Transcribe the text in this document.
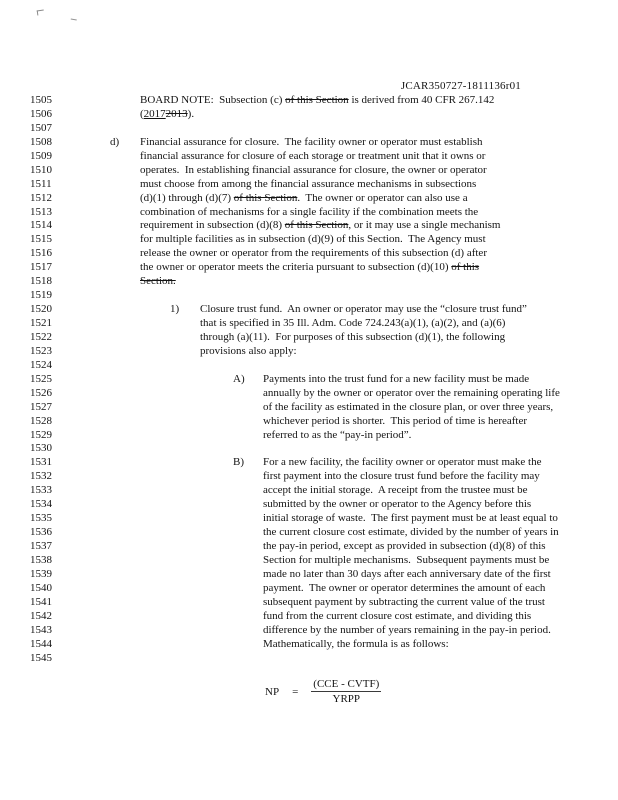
JCAR350727-1811136r01
1505	BOARD NOTE:  Subsection (c) of this Section is derived from 40 CFR 267.142
1506	(20172013).
1507
1508	d) Financial assurance for closure.  The facility owner or operator must establish
1509	financial assurance for closure of each storage or treatment unit that it owns or
1510	operates.  In establishing financial assurance for closure, the owner or operator
1511	must choose from among the financial assurance mechanisms in subsections
1512	(d)(1) through (d)(7) of this Section.  The owner or operator can also use a
1513	combination of mechanisms for a single facility if the combination meets the
1514	requirement in subsection (d)(8) of this Section, or it may use a single mechanism
1515	for multiple facilities as in subsection (d)(9) of this Section.  The Agency must
1516	release the owner or operator from the requirements of this subsection (d) after
1517	the owner or operator meets the criteria pursuant to subsection (d)(10) of this
1518	Section.
1519
1520	1) Closure trust fund.  An owner or operator may use the “closure trust fund”
1521	that is specified in 35 Ill. Adm. Code 724.243(a)(1), (a)(2), and (a)(6)
1522	through (a)(11).  For purposes of this subsection (d)(1), the following
1523	provisions also apply:
1524
1525	A) Payments into the trust fund for a new facility must be made
1526	annually by the owner or operator over the remaining operating life
1527	of the facility as estimated in the closure plan, or over three years,
1528	whichever period is shorter.  This period of time is hereafter
1529	referred to as the “pay-in period”.
1530
1531	B) For a new facility, the facility owner or operator must make the
1532	first payment into the closure trust fund before the facility may
1533	accept the initial storage.  A receipt from the trustee must be
1534	submitted by the owner or operator to the Agency before this
1535	initial storage of waste.  The first payment must be at least equal to
1536	the current closure cost estimate, divided by the number of years in
1537	the pay-in period, except as provided in subsection (d)(8) of this
1538	Section for multiple mechanisms.  Subsequent payments must be
1539	made no later than 30 days after each anniversary date of the first
1540	payment.  The owner or operator determines the amount of each
1541	subsequent payment by subtracting the current value of the trust
1542	fund from the current closure cost estimate, and dividing this
1543	difference by the number of years remaining in the pay-in period.
1544	Mathematically, the formula is as follows:
1545
NP = $\frac{\text{(CCE - CVTF)}}{\text{YRPP}}$
